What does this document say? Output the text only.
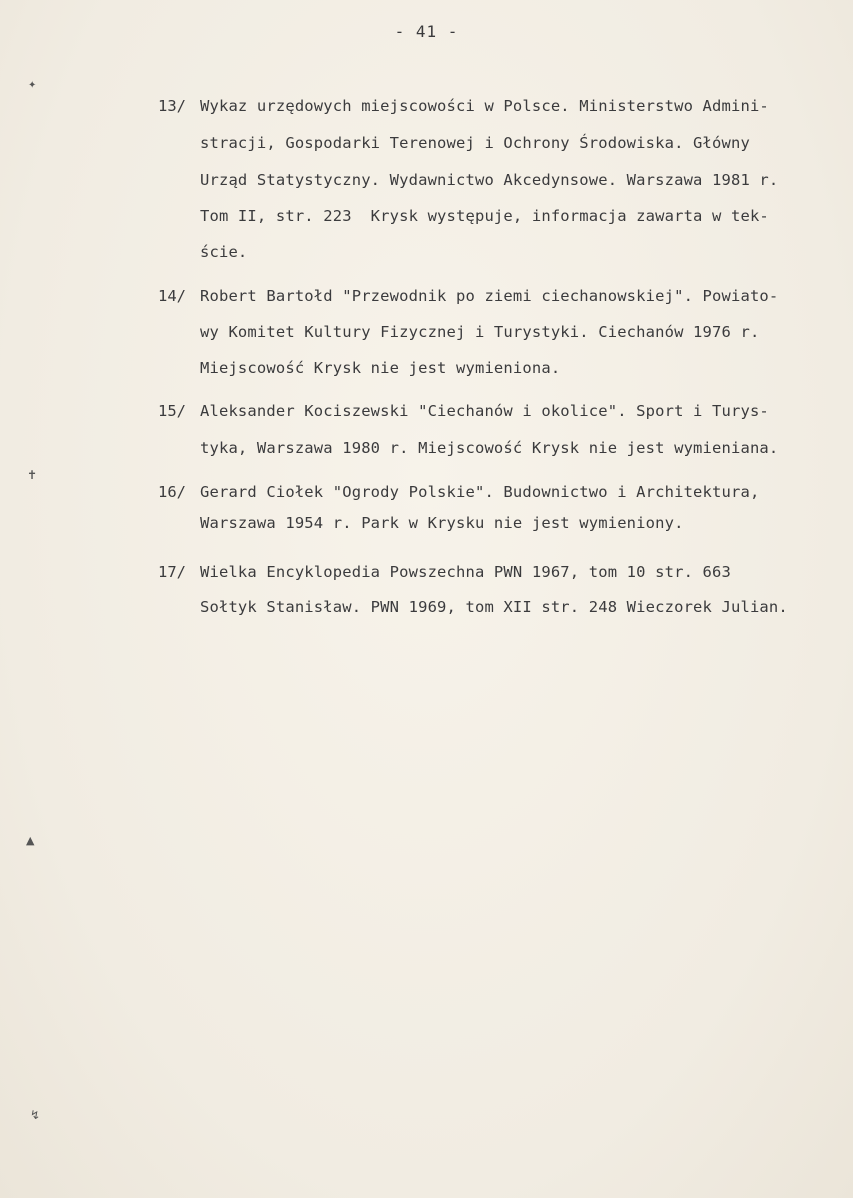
- 41 -
13/ Wykaz urzędowych miejscowości w Polsce. Ministerstwo Admini-
stracji, Gospodarki Terenowej i Ochrony Środowiska. Główny
Urząd Statystyczny. Wydawnictwo Akcedynsowe. Warszawa 1981 r.
Tom II, str. 223  Krysk występuje, informacja zawarta w tek-
ście.
14/ Robert Bartołd "Przewodnik po ziemi ciechanowskiej". Powiato-
wy Komitet Kultury Fizycznej i Turystyki. Ciechanów 1976 r.
Miejscowość Krysk nie jest wymieniona.
15/ Aleksander Kociszewski "Ciechanów i okolice". Sport i Turys-
tyka, Warszawa 1980 r. Miejscowość Krysk nie jest wymieniana.
16/ Gerard Ciołek "Ogrody Polskie". Budownictwo i Architektura,
Warszawa 1954 r. Park w Krysku nie jest wymieniony.
17/ Wielka Encyklopedia Powszechna PWN 1967, tom 10 str. 663
Sołtyk Stanisław. PWN 1969, tom XII str. 248 Wieczorek Julian.
✦
✝
▲
↯
